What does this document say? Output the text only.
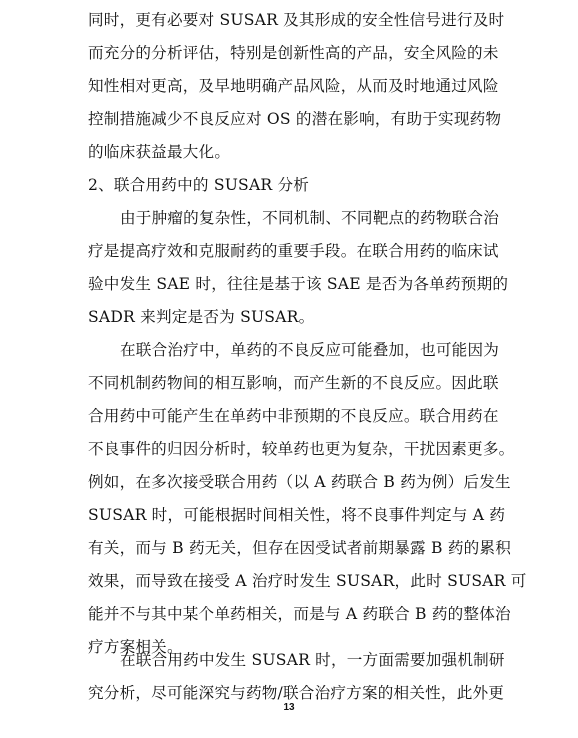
同时，更有必要对 SUSAR 及其形成的安全性信号进行及时
而充分的分析评估，特别是创新性高的产品，安全风险的未
知性相对更高，及早地明确产品风险，从而及时地通过风险
控制措施减少不良反应对 OS 的潜在影响，有助于实现药物
的临床获益最大化。
2、联合用药中的 SUSAR 分析
由于肿瘤的复杂性，不同机制、不同靶点的药物联合治
疗是提高疗效和克服耐药的重要手段。在联合用药的临床试
验中发生 SAE 时，往往是基于该 SAE 是否为各单药预期的
SADR 来判定是否为 SUSAR。
在联合治疗中，单药的不良反应可能叠加，也可能因为
不同机制药物间的相互影响，而产生新的不良反应。因此联
合用药中可能产生在单药中非预期的不良反应。联合用药在
不良事件的归因分析时，较单药也更为复杂，干扰因素更多。
例如，在多次接受联合用药（以 A 药联合 B 药为例）后发生
SUSAR 时，可能根据时间相关性，将不良事件判定与 A 药
有关，而与 B 药无关，但存在因受试者前期暴露 B 药的累积
效果，而导致在接受 A 治疗时发生 SUSAR，此时 SUSAR 可
能并不与其中某个单药相关，而是与 A 药联合 B 药的整体治
疗方案相关。
在联合用药中发生 SUSAR 时，一方面需要加强机制研
究分析，尽可能深究与药物/联合治疗方案的相关性，此外更
13
